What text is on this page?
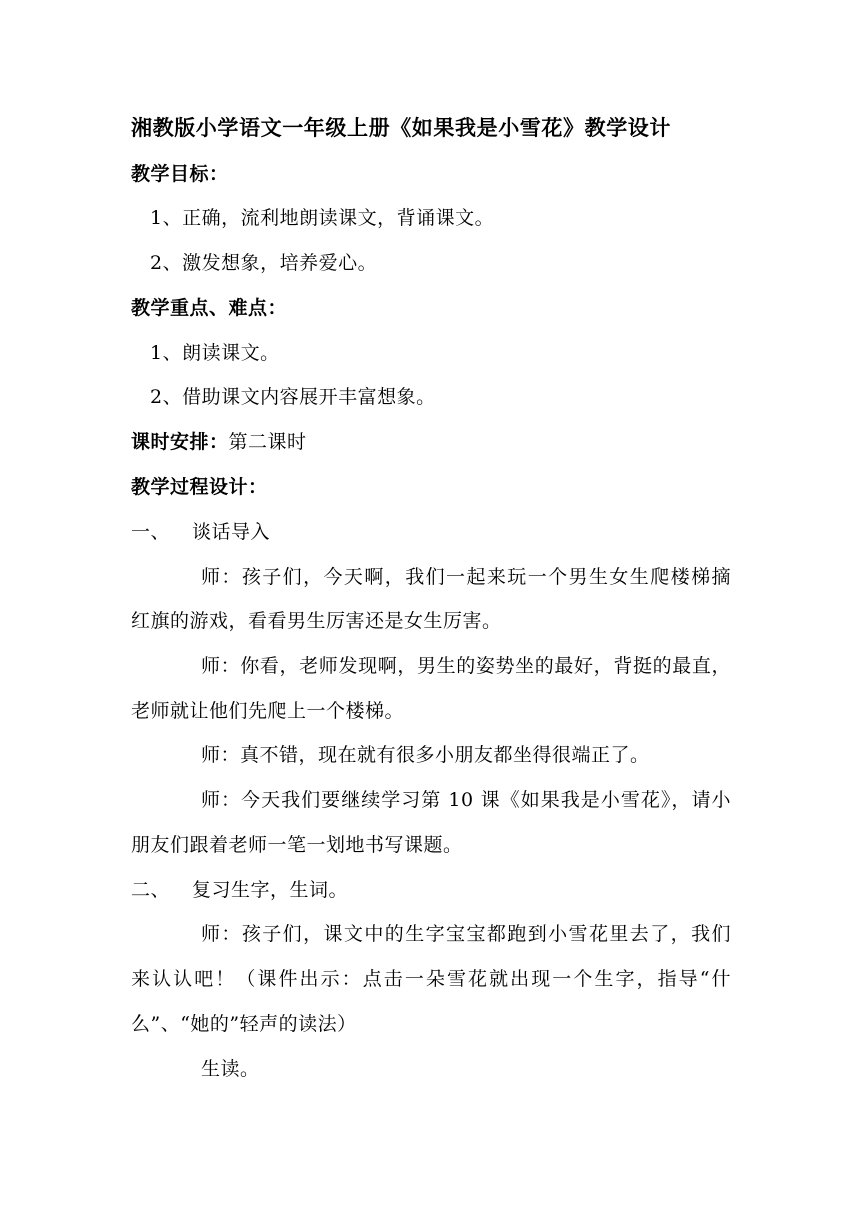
湘教版小学语文一年级上册《如果我是小雪花》教学设计
教学目标：
1、正确，流利地朗读课文，背诵课文。
2、激发想象，培养爱心。
教学重点、难点：
1、朗读课文。
2、借助课文内容展开丰富想象。
课时安排：第二课时
教学过程设计：
一、 谈话导入
师：孩子们，今天啊，我们一起来玩一个男生女生爬楼梯摘
红旗的游戏，看看男生厉害还是女生厉害。
师：你看，老师发现啊，男生的姿势坐的最好，背挺的最直，
老师就让他们先爬上一个楼梯。
师：真不错，现在就有很多小朋友都坐得很端正了。
师：今天我们要继续学习第 10 课《如果我是小雪花》，请小
朋友们跟着老师一笔一划地书写课题。
二、 复习生字，生词。
师：孩子们，课文中的生字宝宝都跑到小雪花里去了，我们
来认认吧！（课件出示：点击一朵雪花就出现一个生字，指导“什
么”、“她的”轻声的读法）
生读。
